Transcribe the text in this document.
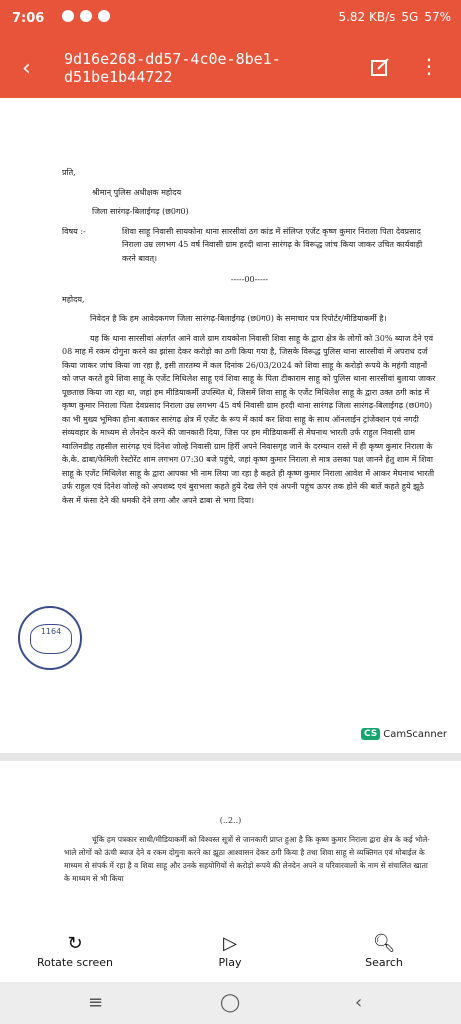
7:06	5.82 KB/s 5G 57%
‹ 9d16e268-dd57-4c0e-8be1-d51be1b44722	⋮

प्रति,

श्रीमान् पुलिस अधीक्षक महोदय

जिला सारंगढ़-बिलाईगढ़ (छ0ग0)

विषय :-	शिवा साहू निवासी सायकोना थाना सारसीवां ठग कांड में संलिप्त एजेंट कृष्ण कुमार निराला पिता देवप्रसाद निराला उम्र लगभग 45 वर्ष निवासी ग्राम हरदी थाना सारंगढ़ के विरूद्ध जांच किया जाकर उचित कार्यवाही करने बावत्।

-----00-----

महोदय,

निवेदन है कि हम आवेदकगण जिला सारंगढ़-बिलाईगढ़ (छ0ग0) के समाचार पत्र रिपोर्टर/मीडियाकर्मी है।

यह कि थाना सारसीवां अंतर्गत आने वाले ग्राम रायकोना निवासी शिवा साहू के द्वारा क्षेत्र के लोगों को 30% ब्याज देने एवं 08 माह में रकम दोगुना करने का झांसा देकर करोड़ो का ठगी किया गया है, जिसके विरूद्ध पुलिस थाना सारसीवां में अपराध दर्ज किया जाकर जांच किया जा रहा है, इसी तारतम्य में कल दिनांक 26/03/2024 को शिवा साहू के करोड़ो रूपये के महंगी वाहनों को जप्त करते हुये शिवा साहू के एजेंट मिथिलेश साहू एवं शिवा साहू के पिता टीकाराम साहू को पुलिस थाना सारसीवां बुलाया जाकर पूछताछ किया जा रहा था, जहां हम मीडियाकर्मी उपस्थित थे, जिसमें शिवा साहू के एजेंट मिथिलेश साहू के द्वारा उक्त ठगी कांड में कृष्ण कुमार निराला पिता देवप्रसाद निराला उम्र लगभग 45 वर्ष निवासी ग्राम हरदी थाना सारंगढ़ जिला सारंगढ़-बिलाईगढ़ (छ0ग0) का भी मुख्य भूमिका होना बताकर सारंगढ़ क्षेत्र में एजेंट के रूप में कार्य कर शिवा साहू के साथ ऑनलाईन ट्रांजेक्शन एवं नगदी संव्यवहार के माध्यम से लेनदेन करने की जानकारी दिया, जिस पर हम मीडियाकर्मी से मेघनाथ भारती उर्फ राहुल निवासी ग्राम ग्वालिनडीह तहसील सारंगढ़ एवं दिनेश जोल्हे निवासी ग्राम हिर्री अपने निवासगृह जाने के दरम्यान रास्ते में ही कृष्ण कुमार निराला के के.के. ढाबा/फेमिली रेस्टोरेंट शाम लगभग 07:30 बजे पहुंचे, जहां कृष्ण कुमार निराला से मात्र उसका पक्ष जानने हेतु शाम में शिवा साहू के एजेंट मिथिलेश साहू के द्वारा आपका भी नाम लिया जा रहा है कहते ही कृष्ण कुमार निराला आवेश में आकर मेघनाथ भारती उर्फ राहुल एवं दिनेश जोल्हे को अपशब्द एवं बुराभला कहते हुये देख लेने एवं अपनी पहुंच ऊपर तक होने की बातें कहते हुये झूठे केस में फंसा देने की धमकी देने लगा और अपने ढाबा से भगा दिया।

1164
CS CamScanner
(..2..)

चूंकि हम पत्रकार साथी/मीडियाकर्मी को विश्वस्त सूत्रों से जानकारी प्राप्त हुआ है कि कृष्ण कुमार निराला द्वारा क्षेत्र के कई भोले-भाले लोगों को ऊंची ब्याज देने व रकम दोगुना करने का झूठा आश्वासन देकर ठगी किया है तथा शिवा साहू से व्यक्तिगत एवं मोबाईल के माध्यम से संपर्क में रहा है व शिवा साहू और उनके सहयोगियों से करोड़ो रूपये की लेनदेन अपने व परिवारवालों के नाम से संचालित खाता के माध्यम से भी किया

↻
Rotate screen
▷
Play
🔍︎
Search
≡	◯	‹
